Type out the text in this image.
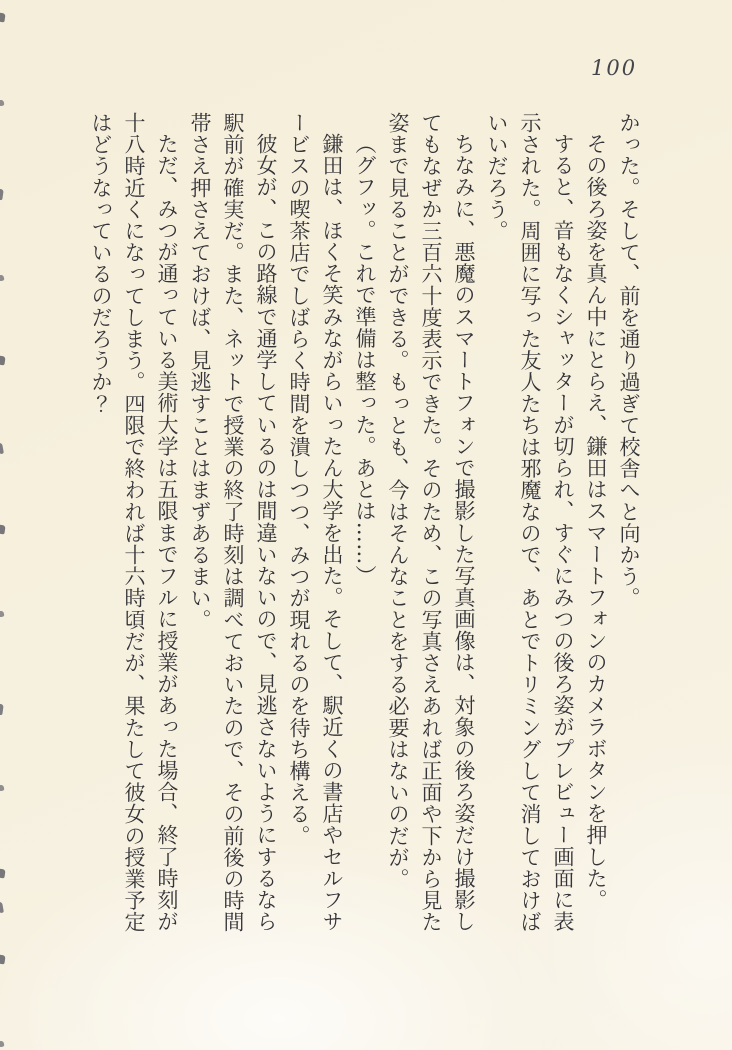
100

かった。そして、前を通り過ぎて校舎へと向かう。

その後ろ姿を真ん中にとらえ、鎌田はスマートフォンのカメラボタンを押した。

すると、音もなくシャッターが切られ、すぐにみつの後ろ姿がプレビュー画面に表示された。周囲に写った友人たちは邪魔なので、あとでトリミングして消しておけばいいだろう。

ちなみに、悪魔のスマートフォンで撮影した写真画像は、対象の後ろ姿だけ撮影してもなぜか三百六十度表示できた。そのため、この写真さえあれば正面や下から見た姿まで見ることができる。もっとも、今はそんなことをする必要はないのだが。

（グフッ。これで準備は整った。あとは……）

鎌田は、ほくそ笑みながらいったん大学を出た。そして、駅近くの書店やセルフサービスの喫茶店でしばらく時間を潰しつつ、みつが現れるのを待ち構える。

彼女が、この路線で通学しているのは間違いないので、見逃さないようにするなら駅前が確実だ。また、ネットで授業の終了時刻は調べておいたので、その前後の時間帯さえ押さえておけば、見逃すことはまずあるまい。

ただ、みつが通っている美術大学は五限までフルに授業があった場合、終了時刻が十八時近くになってしまう。四限で終われば十六時頃だが、果たして彼女の授業予定はどうなっているのだろうか？
